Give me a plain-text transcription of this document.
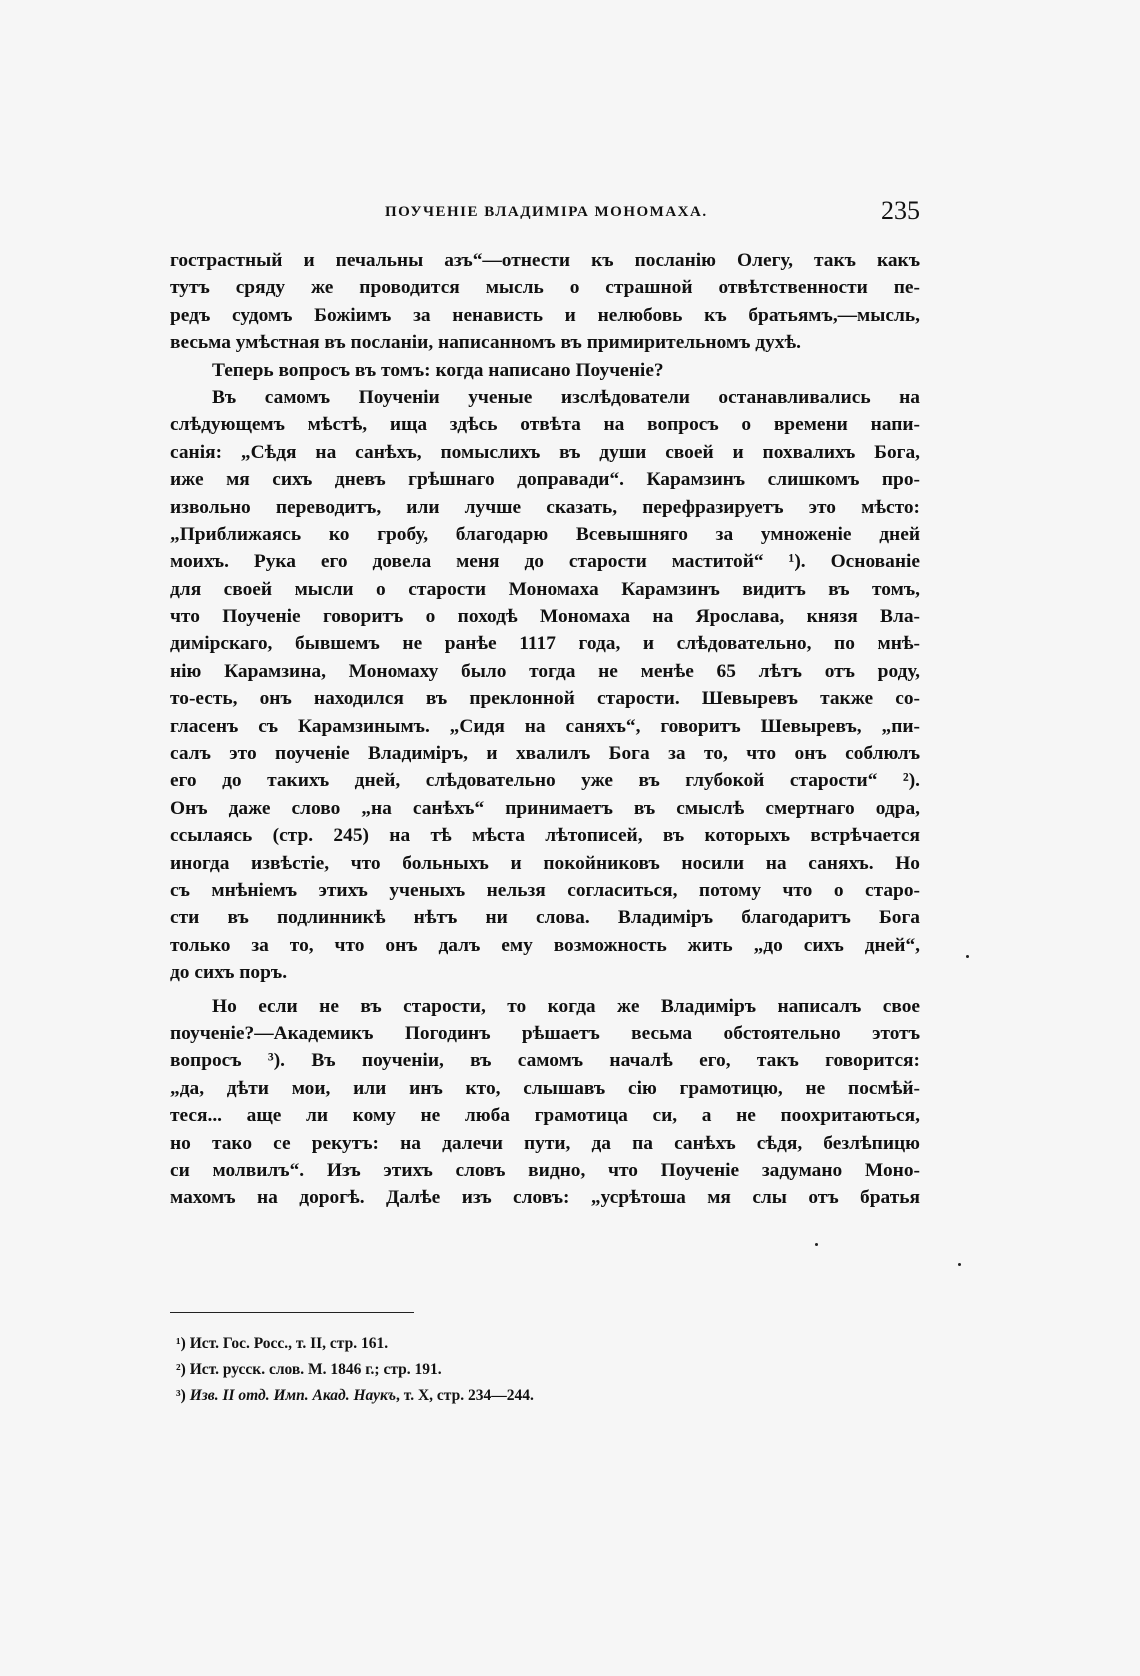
ПОУЧЕНІЕ ВЛАДИМІРА МОНОМАХА.	235
гострастный и печальны азъ“—отнести къ посланію Олегу, такъ какъ
тутъ сряду же проводится мысль о страшной отвѣтственности пе-
редъ судомъ Божіимъ за ненависть и нелюбовь къ братьямъ,—мысль,
весьма умѣстная въ посланіи, написанномъ въ примирительномъ духѣ.
Теперь вопросъ въ томъ: когда написано Поученіе?
Въ самомъ Поученіи ученые изслѣдователи останавливались на
слѣдующемъ мѣстѣ, ища здѣсь отвѣта на вопросъ о времени напи-
санія: „Сѣдя на санѣхъ, помыслихъ въ души своей и похвалихъ Бога,
иже мя сихъ дневъ грѣшнаго доправади“. Карамзинъ слишкомъ про-
извольно переводитъ, или лучше сказать, перефразируетъ это мѣсто:
„Приближаясь ко гробу, благодарю Всевышняго за умноженіе дней
моихъ. Рука его довела меня до старости маститой“ ¹). Основаніе
для своей мысли о старости Мономаха Карамзинъ видитъ въ томъ,
что Поученіе говоритъ о походѣ Мономаха на Ярослава, князя Вла-
димірскаго, бывшемъ не ранѣе 1117 года, и слѣдовательно, по мнѣ-
нію Карамзина, Мономаху было тогда не менѣе 65 лѣтъ отъ роду,
то-есть, онъ находился въ преклонной старости. Шевыревъ также со-
гласенъ съ Карамзинымъ. „Сидя на саняхъ“, говоритъ Шевыревъ, „пи-
салъ это поученіе Владиміръ, и хвалилъ Бога за то, что онъ соблюлъ
его до такихъ дней, слѣдовательно уже въ глубокой старости“ ²).
Онъ даже слово „на санѣхъ“ принимаетъ въ смыслѣ смертнаго одра,
ссылаясь (стр. 245) на тѣ мѣста лѣтописей, въ которыхъ встрѣчается
иногда извѣстіе, что больныхъ и покойниковъ носили на саняхъ. Но
съ мнѣніемъ этихъ ученыхъ нельзя согласиться, потому что о старо-
сти въ подлинникѣ нѣтъ ни слова. Владиміръ благодаритъ Бога
только за то, что онъ далъ ему возможность жить „до сихъ дней“,
до сихъ поръ.
Но если не въ старости, то когда же Владиміръ написалъ свое
поученіе?—Академикъ Погодинъ рѣшаетъ весьма обстоятельно этотъ
вопросъ ³). Въ поученіи, въ самомъ началѣ его, такъ говорится:
„да, дѣти мои, или инъ кто, слышавъ сію грамотицю, не посмѣй-
теся... аще ли кому не люба грамотица си, а не поохритаються,
но тако се рекутъ: на далечи пути, да па санѣхъ сѣдя, безлѣпицю
си молвилъ“. Изъ этихъ словъ видно, что Поученіе задумано Моно-
махомъ на дорогѣ. Далѣе изъ словъ: „усрѣтоша мя слы отъ братья
¹) Ист. Гос. Росс., т. II, стр. 161.
²) Ист. русск. слов. М. 1846 г.; стр. 191.
³) Изв. II отд. Имп. Акад. Наукъ, т. X, стр. 234—244.
